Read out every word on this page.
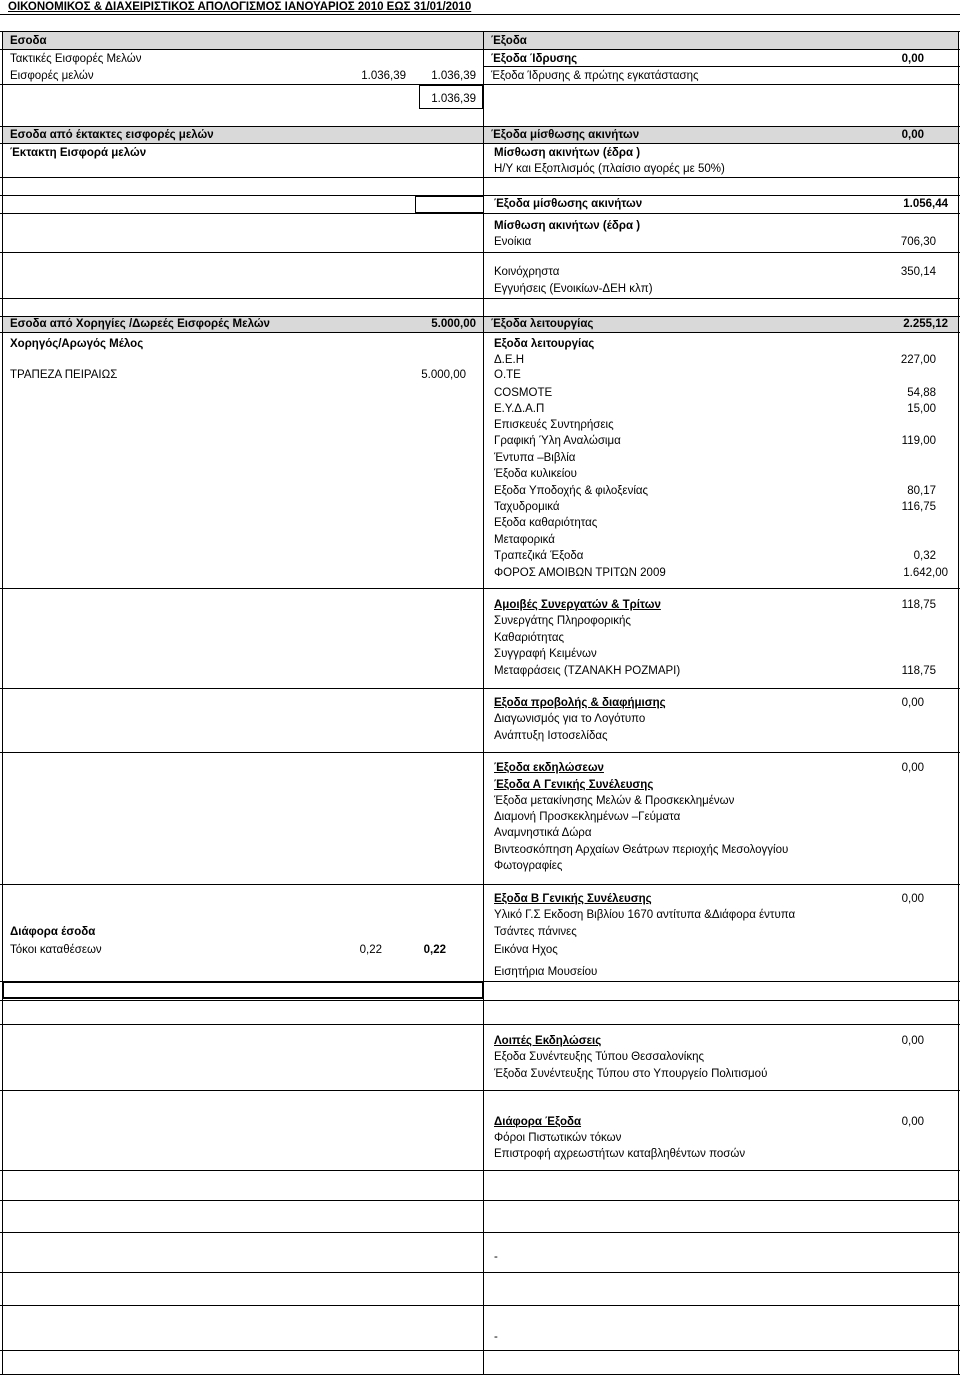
ΟΙΚΟΝΟΜΙΚΟΣ & ΔΙΑΧΕΙΡΙΣΤΙΚΟΣ ΑΠΟΛΟΓΙΣΜΟΣ ΙΑΝΟΥΑΡΙΟΣ 2010 ΕΩΣ 31/01/2010
Εσοδα
Τακτικές Εισφορές Μελών
Εισφορές μελών	1.036,39	1.036,39
1.036,39
Εσοδα από έκτακτες εισφορές μελών
Έκτακτη Εισφορά μελών
Εσοδα από Χορηγίες /Δωρεές Εισφορές Μελών	5.000,00
Χορηγός/Αρωγός Μέλος
ΤΡΑΠΕΖΑ ΠΕΙΡΑΙΩΣ	5.000,00
Διάφορα έσοδα
Τόκοι καταθέσεων	0,22	0,22
Έξοδα
Έξοδα Ίδρυσης	0,00
Έξοδα Ίδρυσης & πρώτης εγκατάστασης
Έξοδα μίσθωσης ακινήτων	0,00
Μίσθωση ακινήτων (έδρα )
Η/Υ και Εξοπλισμός (πλαίσιο αγορές με 50%)
Έξοδα μίσθωσης ακινήτων	1.056,44
Μίσθωση ακινήτων (έδρα )
Ενοίκια	706,30
Κοινόχρηστα	350,14
Εγγυήσεις (Ενοικίων-ΔΕΗ κλπ)
Έξοδα λειτουργίας	2.255,12
Εξοδα λειτουργίας
Δ.Ε.Η	227,00
Ο.ΤΕ
COSMOTE	54,88
Ε.Υ.Δ.Α.Π	15,00
Επισκευές Συντηρήσεις
Γραφική Ύλη Αναλώσιμα	119,00
Έντυπα –Βιβλία
Έξοδα κυλικείου
Εξοδα Υποδοχής & φιλοξενίας	80,17
Ταχυδρομικά	116,75
Εξοδα καθαριότητας
Μεταφορικά
Τραπεζικά Έξοδα	0,32
ΦΟΡΟΣ ΑΜΟΙΒΩΝ ΤΡΙΤΩΝ 2009	1.642,00
Αμοιβές Συνεργατών & Τρίτων	118,75
Συνεργάτης Πληροφορικής
Καθαριότητας
Συγγραφή Κειμένων
Μεταφράσεις (ΤΖΑΝΑΚΗ ΡΟΖΜΑΡΙ)	118,75
Εξοδα προβολής & διαφήμισης	0,00
Διαγωνισμός για το Λογότυπο
Ανάπτυξη Ιστοσελίδας
Έξοδα εκδηλώσεων	0,00
Έξοδα Α Γενικής Συνέλευσης
Έξοδα μετακίνησης Μελών & Προσκεκλημένων
Διαμονή Προσκεκλημένων –Γεύματα
Αναμνηστικά Δώρα
Βιντεοσκόπηση Αρχαίων Θεάτρων περιοχής Μεσολογγίου
Φωτογραφίες
Εξοδα Β Γενικής Συνέλευσης	0,00
Υλικό Γ.Σ Εκδοση Βιβλίου 1670 αντίτυπα &Διάφορα έντυπα
Τσάντες πάνινες
Εικόνα Ηχος
Εισητήρια Μουσείου
Λοιπές Εκδηλώσεις	0,00
Εξοδα Συνέντευξης Τύπου Θεσσαλονίκης
Έξοδα Συνέντευξης Τύπου στο Υπουργείο Πολιτισμού
Διάφορα Έξοδα	0,00
Φόροι Πιστωτικών τόκων
Επιστροφή αχρεωστήτων καταβληθέντων ποσών
-
-
